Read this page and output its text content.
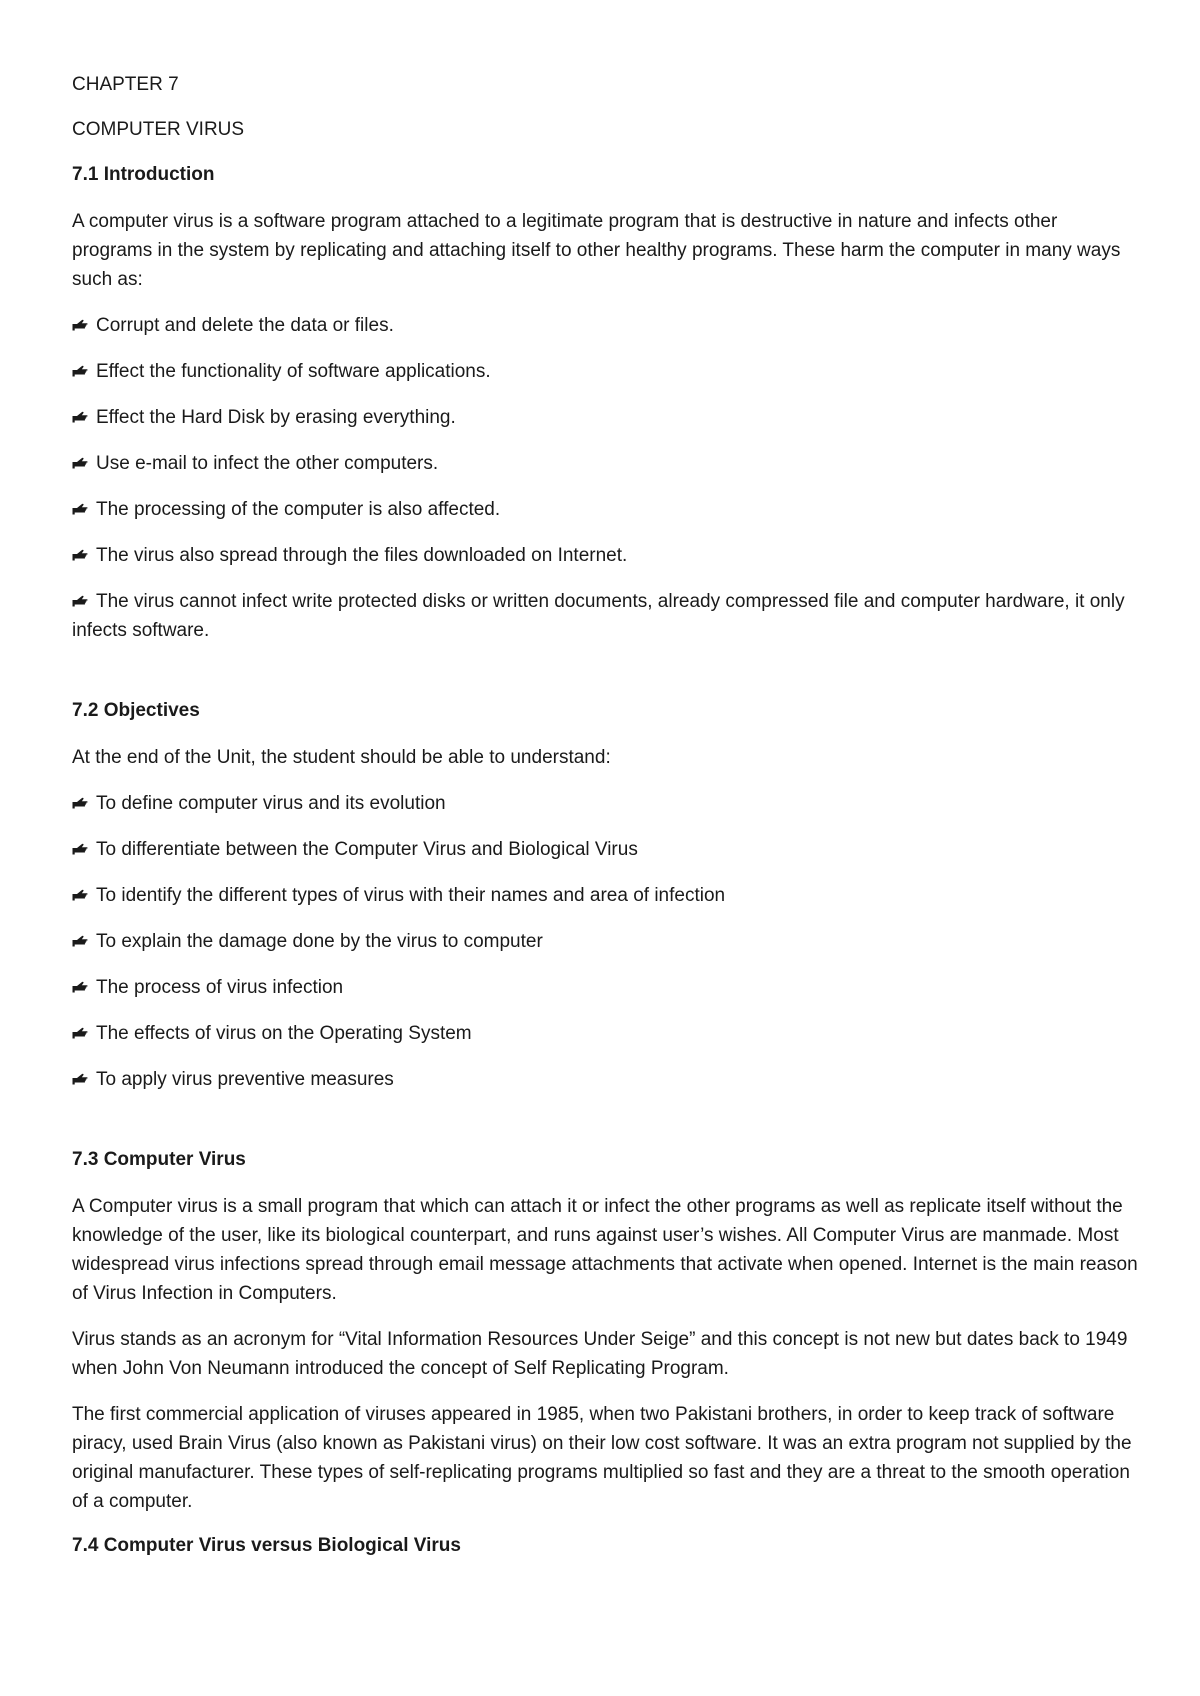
CHAPTER 7

COMPUTER VIRUS

7.1 Introduction

A computer virus is a software program attached to a legitimate program that is destructive in nature and infects other programs in the system by replicating and attaching itself to other healthy programs. These harm the computer in many ways such as:

Corrupt and delete the data or files.
Effect the functionality of software applications.
Effect the Hard Disk by erasing everything.
Use e-mail to infect the other computers.
The processing of the computer is also affected.
The virus also spread through the files downloaded on Internet.
The virus cannot infect write protected disks or written documents, already compressed file and computer hardware, it only infects software.

7.2 Objectives

At the end of the Unit, the student should be able to understand:

To define computer virus and its evolution
To differentiate between the Computer Virus and Biological Virus
To identify the different types of virus with their names and area of infection
To explain the damage done by the virus to computer
The process of virus infection
The effects of virus on the Operating System
To apply virus preventive measures

7.3 Computer Virus

A Computer virus is a small program that which can attach it or infect the other programs as well as replicate itself without the knowledge of the user, like its biological counterpart, and runs against user’s wishes. All Computer Virus are manmade. Most widespread virus infections spread through email message attachments that activate when opened. Internet is the main reason of Virus Infection in Computers.

Virus stands as an acronym for “Vital Information Resources Under Seige” and this concept is not new but dates back to 1949 when John Von Neumann introduced the concept of Self Replicating Program.

The first commercial application of viruses appeared in 1985, when two Pakistani brothers, in order to keep track of software piracy, used Brain Virus (also known as Pakistani virus) on their low cost software. It was an extra program not supplied by the original manufacturer. These types of self-replicating programs multiplied so fast and they are a threat to the smooth operation of a computer.

7.4 Computer Virus versus Biological Virus
